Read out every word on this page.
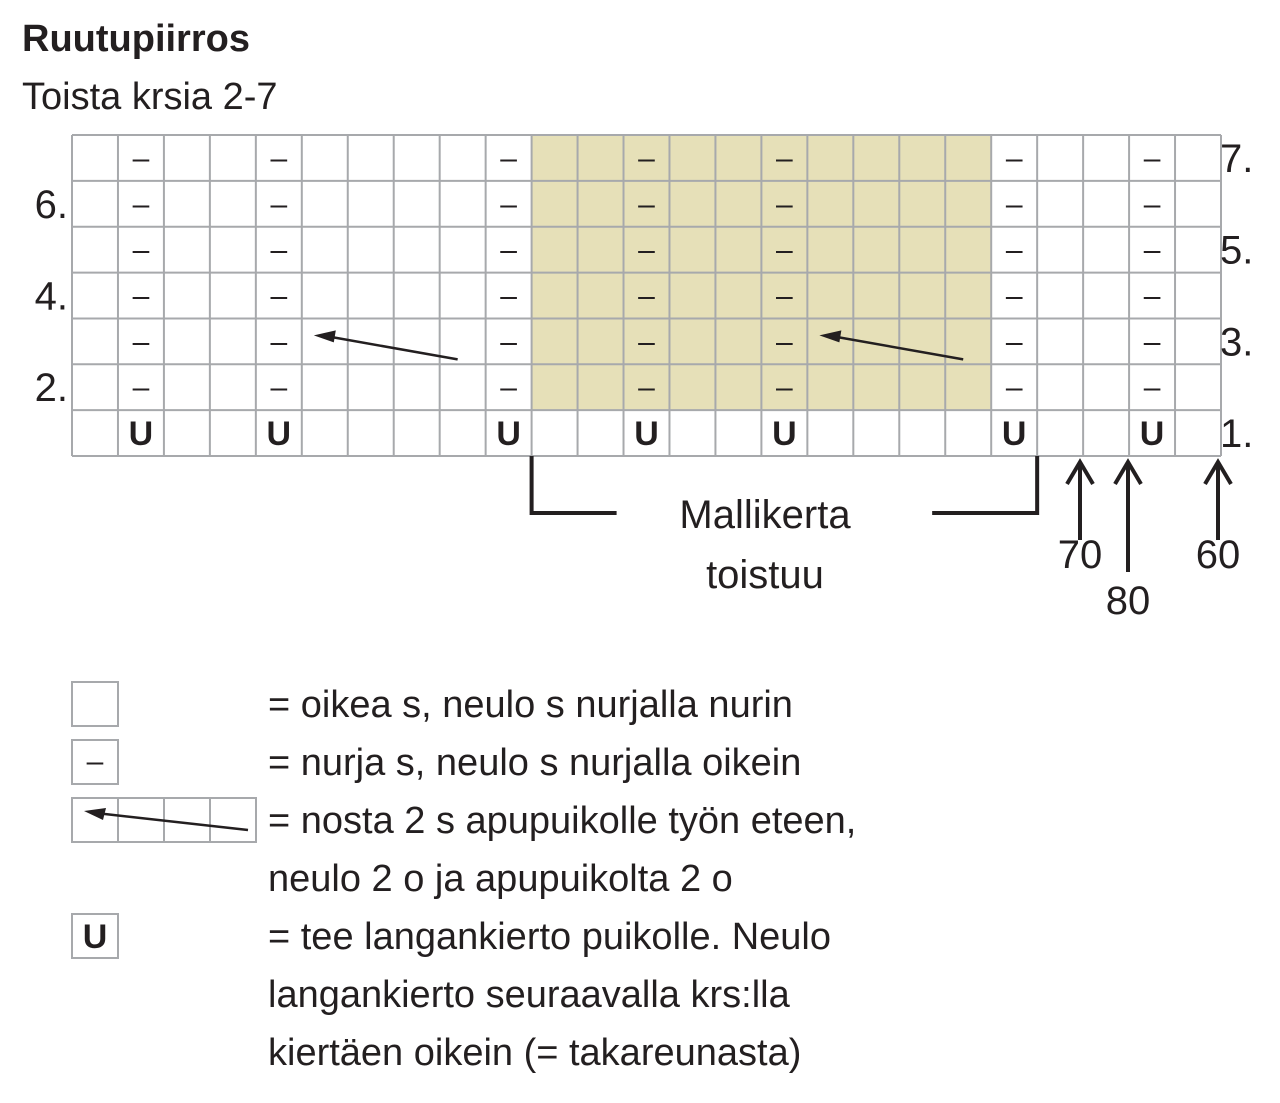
Ruutupiirros

Toista krsia 2-7

–
–
–
–
–
–
U
–
–
–
–
–
–
U
–
–
–
–
–
–
U
–
–
–
–
–
–
U
–
–
–
–
–
–
U
–
–
–
–
–
–
U
–
–
–
–
–
–
U
6.
4.
2.
7.
5.
3.
1.
Mallikerta
toistuu	70
80
60
–
U
= oikea s, neulo s nurjalla nurin
= nurja s, neulo s nurjalla oikein
= nosta 2 s apupuikolle työn eteen,
neulo 2 o ja apupuikolta 2 o
= tee langankierto puikolle. Neulo
langankierto seuraavalla krs:lla
kiertäen oikein (= takareunasta)
